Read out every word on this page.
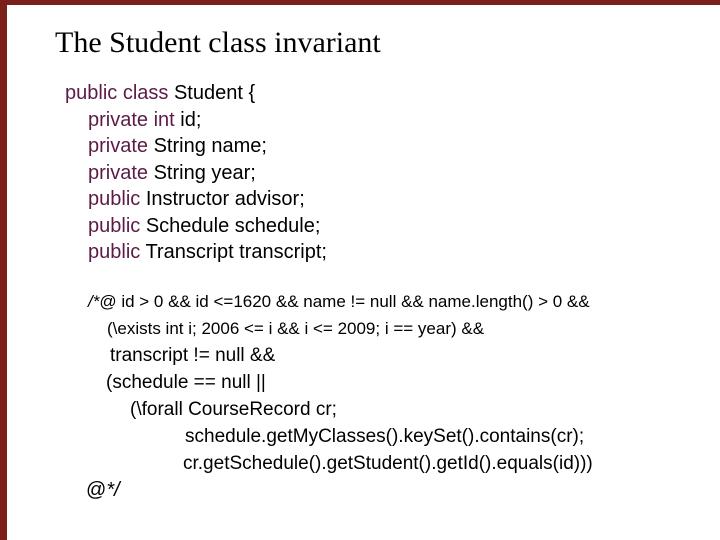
The Student class invariant
public class Student {
private int id;
private String name;
private String year;
public Instructor advisor;
public Schedule schedule;
public Transcript transcript;
/*@ id > 0 && id <=1620 && name != null && name.length() > 0 &&
(\exists int i; 2006 <= i && i <= 2009; i == year) &&
transcript != null &&
(schedule == null ||
(\forall CourseRecord cr;
schedule.getMyClasses().keySet().contains(cr);
cr.getSchedule().getStudent().getId().equals(id)))
@*/
